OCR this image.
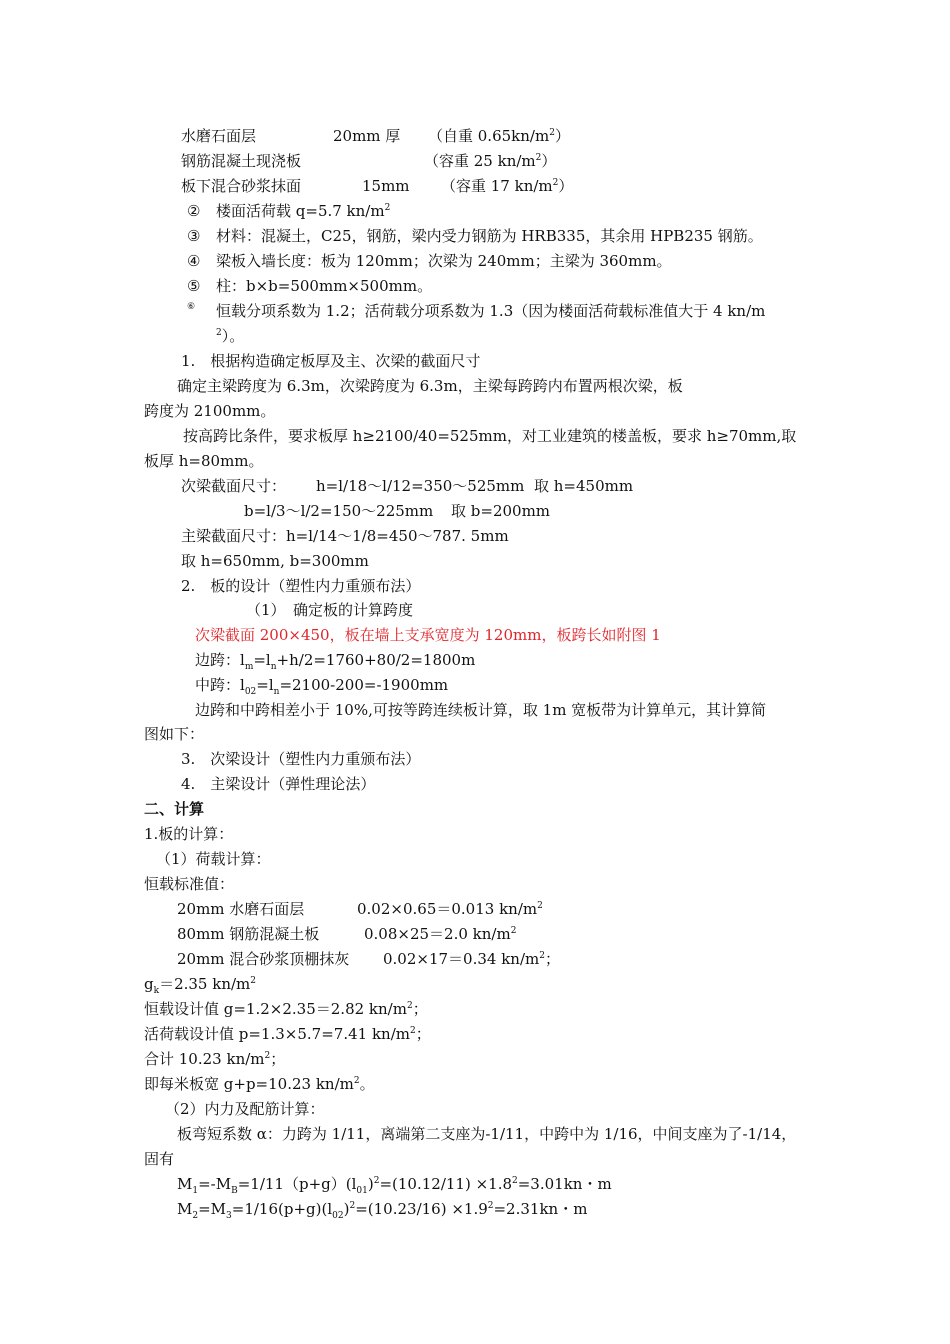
水磨石面层	20mm 厚 （自重 $0.65kn/m^2$）
钢筋混凝土现浇板	（容重 25 $kn/m^2$）
板下混合砂浆抹面	15mm （容重 17 $kn/m^2$）
② 楼面活荷载 q=5.7 $kn/m^2$
③ 材料：混凝土，C25，钢筋，梁内受力钢筋为 HRB335，其余用 HPB235 钢筋。
④ 梁板入墙长度：板为 120mm；次梁为 240mm；主梁为 360mm。
⑤ 柱：b×b=500mm×500mm。
⑥ 恒载分项系数为 1.2；活荷载分项系数为 1.3（因为楼面活荷载标准值大于 4 kn/m
$^2$）。
1.　根据构造确定板厚及主、次梁的截面尺寸
确定主梁跨度为 6.3m，次梁跨度为 6.3m，主梁每跨跨内布置两根次梁，板
跨度为 2100mm。
按高跨比条件，要求板厚 h≥2100/40=525mm，对工业建筑的楼盖板，要求 h≥70mm,取
板厚 h=80mm。
次梁截面尺寸： h=l/18～l/12=350～525mm 取 h=450mm
b=l/3～l/2=150～225mm 取 b=200mm
主梁截面尺寸：h=l/14～1/8=450～787. 5mm
取 h=650mm, b=300mm
2.　板的设计（塑性内力重颁布法）
（1）　确定板的计算跨度
次梁截面 200×450，板在墙上支承宽度为 120mm，板跨长如附图 1
边跨：$l_m=l_n+h/2=1760+80/2=1800m$
中跨：$l_{02}=l_n=2100-200=-1900mm$
边跨和中跨相差小于 10%,可按等跨连续板计算，取 1m 宽板带为计算单元，其计算简
图如下：
3.　次梁设计（塑性内力重颁布法）
4.　主梁设计（弹性理论法）
二、计算
1.板的计算：
（1）荷载计算：
恒载标准值：
20mm 水磨石面层	0.02×0.65＝0.013 $kn/m^2$
80mm 钢筋混凝土板	0.08×25＝2.0 $kn/m^2$
20mm 混合砂浆顶棚抹灰 0.02×17＝0.34 $kn/m^2$；
$g_k=2.35$ $kn/m^2$
恒载设计值 g=1.2×2.35＝2.82 $kn/m^2$；
活荷载设计值 p=1.3×5.7=7.41 $kn/m^2$；
合计 10.23 $kn/m^2$；
即每米板宽 g+p=10.23 $kn/m^2$。
（2）内力及配筋计算：
板弯短系数 α：力跨为 1/11，离端第二支座为-1/11，中跨中为 1/16，中间支座为了-1/14，
固有
$M_1=-M_B=1/11(p+g)(l_{01})^2=(10.12/11) \times 1.8^2=3.01kn$・m
$M_2=M_3=1/16(p+g)(l_{02})^2=(10.23/16) \times 1.9^2=2.31kn$・m
